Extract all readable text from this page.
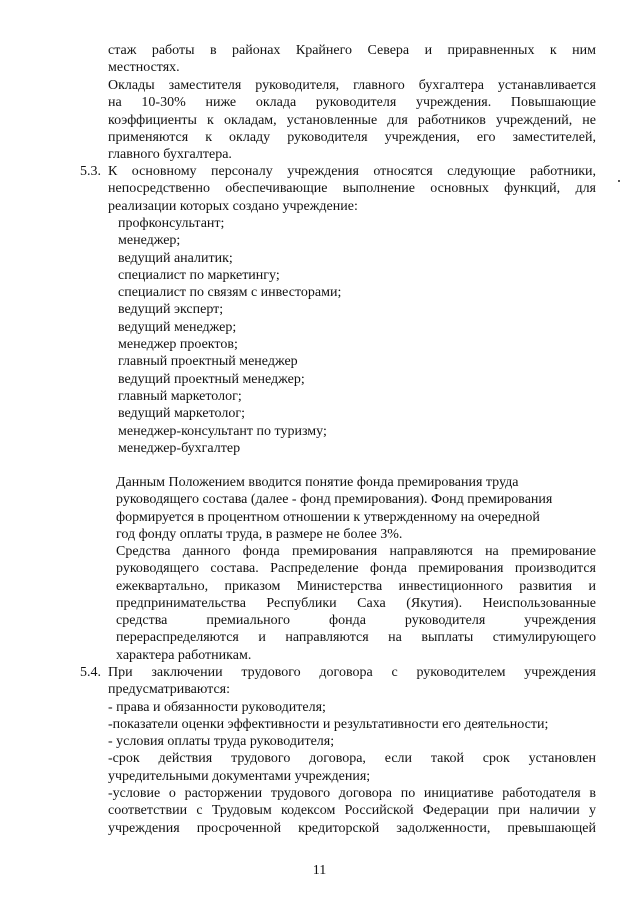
стаж работы в районах Крайнего Севера и приравненных к ним
местностях.
Оклады заместителя руководителя, главного бухгалтера устанавливается
на 10-30% ниже оклада руководителя учреждения. Повышающие
коэффициенты к окладам, установленные для работников учреждений, не
применяются к окладу руководителя учреждения, его заместителей,
главного бухгалтера.
5.3. К основному персоналу учреждения относятся следующие работники,
непосредственно обеспечивающие выполнение основных функций, для
реализации которых создано учреждение:
профконсультант;
менеджер;
ведущий аналитик;
специалист по маркетингу;
специалист по связям с инвесторами;
ведущий эксперт;
ведущий менеджер;
менеджер проектов;
главный проектный менеджер
ведущий проектный менеджер;
главный маркетолог;
ведущий маркетолог;
менеджер-консультант по туризму;
менеджер-бухгалтер
Данным Положением вводится понятие фонда премирования труда
руководящего состава (далее - фонд премирования). Фонд премирования
формируется в процентном отношении к утвержденному на очередной
год фонду оплаты труда, в размере не более 3%.
Средства данного фонда премирования направляются на премирование
руководящего состава. Распределение фонда премирования производится
ежеквартально, приказом Министерства инвестиционного развития и
предпринимательства Республики Саха (Якутия). Неиспользованные
средства премиального фонда руководителя учреждения
перераспределяются и направляются на выплаты стимулирующего
характера работникам.
5.4. При заключении трудового договора с руководителем учреждения
предусматриваются:
- права и обязанности руководителя;
-показатели оценки эффективности и результативности его деятельности;
- условия оплаты труда руководителя;
-срок действия трудового договора, если такой срок установлен
учредительными документами учреждения;
-условие о расторжении трудового договора по инициативе работодателя в
соответствии с Трудовым кодексом Российской Федерации при наличии у
учреждения просроченной кредиторской задолженности, превышающей
11
